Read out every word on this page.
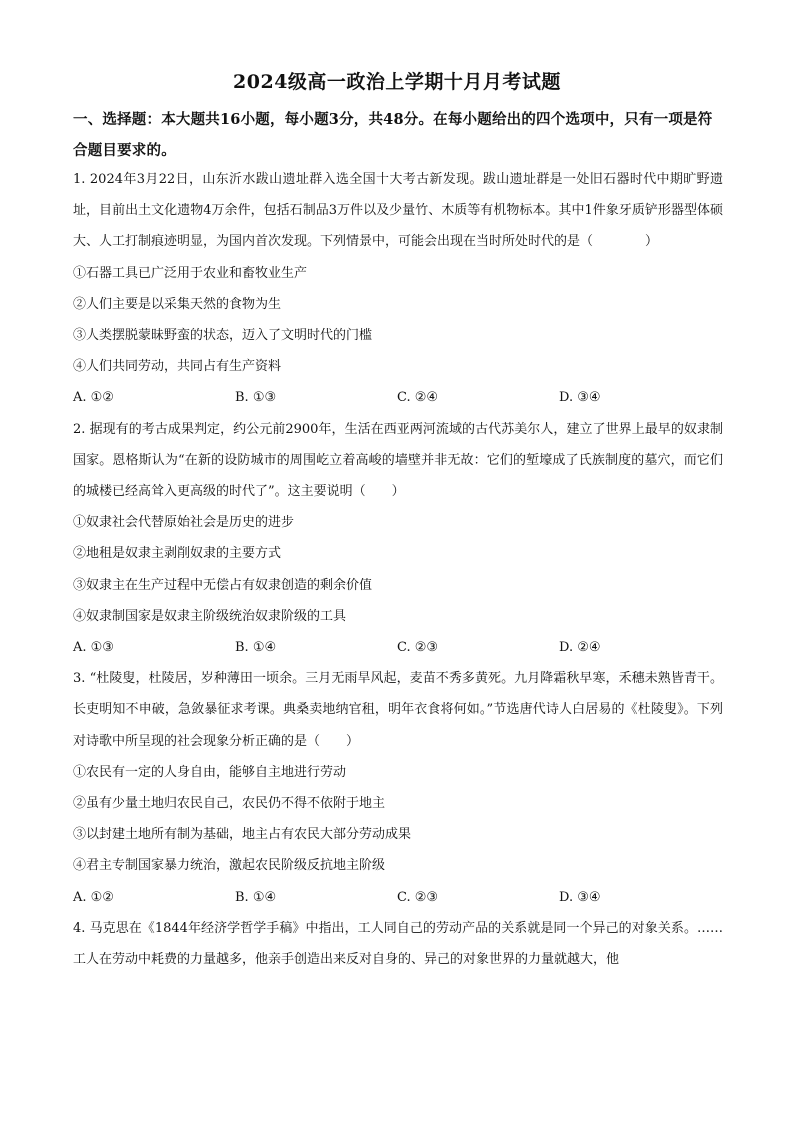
2024级高一政治上学期十月月考试题
一、选择题：本大题共16小题，每小题3分，共48分。在每小题给出的四个选项中，只有一项是符合题目要求的。

1. 2024年3月22日，山东沂水跋山遗址群入选全国十大考古新发现。跋山遗址群是一处旧石器时代中期旷野遗址，目前出土文化遗物4万余件，包括石制品3万件以及少量竹、木质等有机物标本。其中1件象牙质铲形器型体硕大、人工打制痕迹明显，为国内首次发现。下列情景中，可能会出现在当时所处时代的是（　　　　）

①石器工具已广泛用于农业和畜牧业生产

②人们主要是以采集天然的食物为生

③人类摆脱蒙昧野蛮的状态，迈入了文明时代的门槛

④人们共同劳动，共同占有生产资料

A. ①②	B. ①③	C. ②④	D. ③④

2. 据现有的考古成果判定，约公元前2900年，生活在西亚两河流域的古代苏美尔人，建立了世界上最早的奴隶制国家。恩格斯认为“在新的设防城市的周围屹立着高峻的墙壁并非无故：它们的堑壕成了氏族制度的墓穴，而它们的城楼已经高耸入更高级的时代了”。这主要说明（　　）

①奴隶社会代替原始社会是历史的进步

②地租是奴隶主剥削奴隶的主要方式

③奴隶主在生产过程中无偿占有奴隶创造的剩余价值

④奴隶制国家是奴隶主阶级统治奴隶阶级的工具

A. ①③	B. ①④	C. ②③	D. ②④

3. “杜陵叟，杜陵居，岁种薄田一顷余。三月无雨旱风起，麦苗不秀多黄死。九月降霜秋早寒，禾穗未熟皆青干。长吏明知不申破，急敛暴征求考课。典桑卖地纳官租，明年衣食将何如。”节选唐代诗人白居易的《杜陵叟》。下列对诗歌中所呈现的社会现象分析正确的是（　　）

①农民有一定的人身自由，能够自主地进行劳动

②虽有少量土地归农民自己，农民仍不得不依附于地主

③以封建土地所有制为基础，地主占有农民大部分劳动成果

④君主专制国家暴力统治，激起农民阶级反抗地主阶级

A. ①②	B. ①④	C. ②③	D. ③④

4. 马克思在《1844年经济学哲学手稿》中指出，工人同自己的劳动产品的关系就是同一个异己的对象关系。……工人在劳动中耗费的力量越多，他亲手创造出来反对自身的、异己的对象世界的力量就越大，他
